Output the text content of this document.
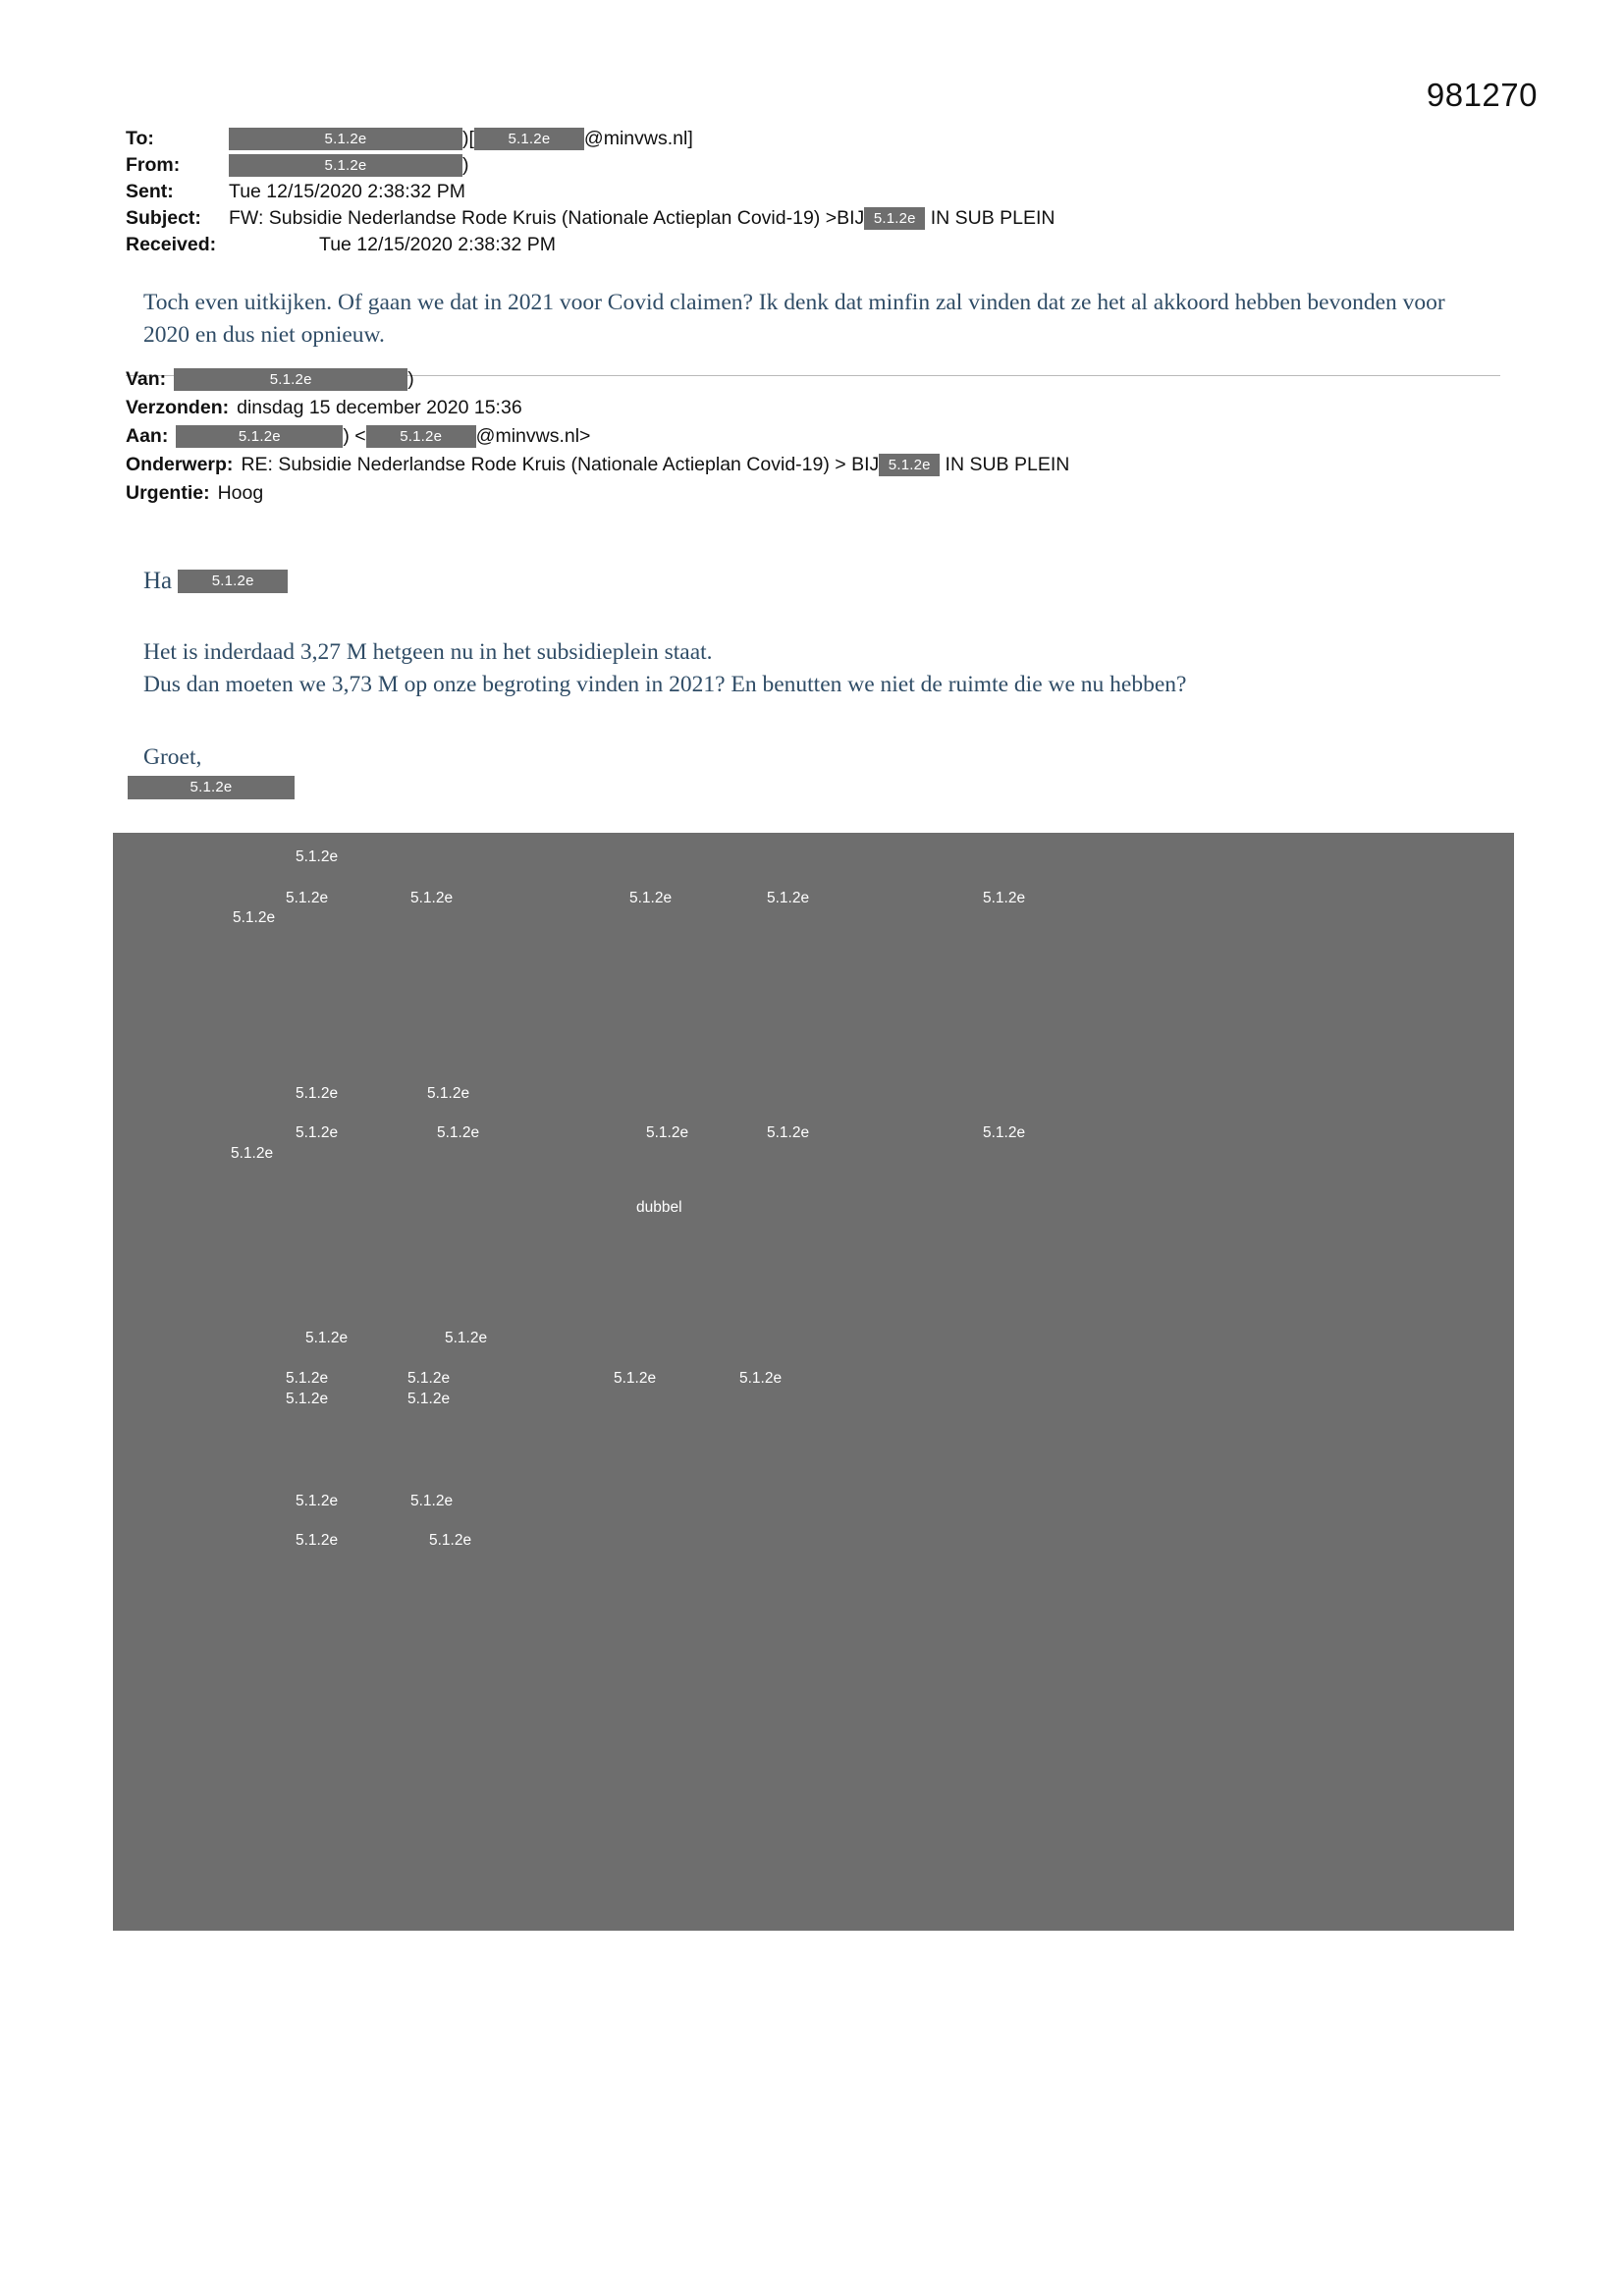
981270
To:	5.1.2e	)[ 5.1.2e @minvws.nl]
From:	5.1.2e	)
Sent:	Tue 12/15/2020 2:38:32 PM
Subject:	FW: Subsidie Nederlandse Rode Kruis (Nationale Actieplan Covid-19) >BIJ 5.1.2e IN SUB PLEIN
Received:	Tue 12/15/2020 2:38:32 PM
Toch even uitkijken. Of gaan we dat in 2021 voor Covid claimen? Ik denk dat minfin zal vinden dat ze het al akkoord hebben bevonden voor 2020 en dus niet opnieuw.
Van:	5.1.2e	)
Verzonden: dinsdag 15 december 2020 15:36
Aan:	5.1.2e	) <	5.1.2e	@minvws.nl>
Onderwerp: RE: Subsidie Nederlandse Rode Kruis (Nationale Actieplan Covid-19) > BIJ 5.1.2e
IN SUB PLEIN
Urgentie: Hoog
Ha	5.1.2e
Het is inderdaad 3,27 M hetgeen nu in het subsidieplein staat.
Dus dan moeten we 3,73 M op onze begroting vinden in 2021? En benutten we niet de ruimte die we nu hebben?
Groet,
5.1.2e
5.1.2e
5.1.2e	5.1.2e	5.1.2e	5.1.2e	5.1.2e
5.1.2e
5.1.2e	5.1.2e
5.1.2e	5.1.2e	5.1.2e	5.1.2e	5.1.2e
5.1.2e
dubbel
5.1.2e	5.1.2e
5.1.2e	5.1.2e	5.1.2e	5.1.2e
5.1.2e	5.1.2e
5.1.2e	5.1.2e
5.1.2e	5.1.2e
